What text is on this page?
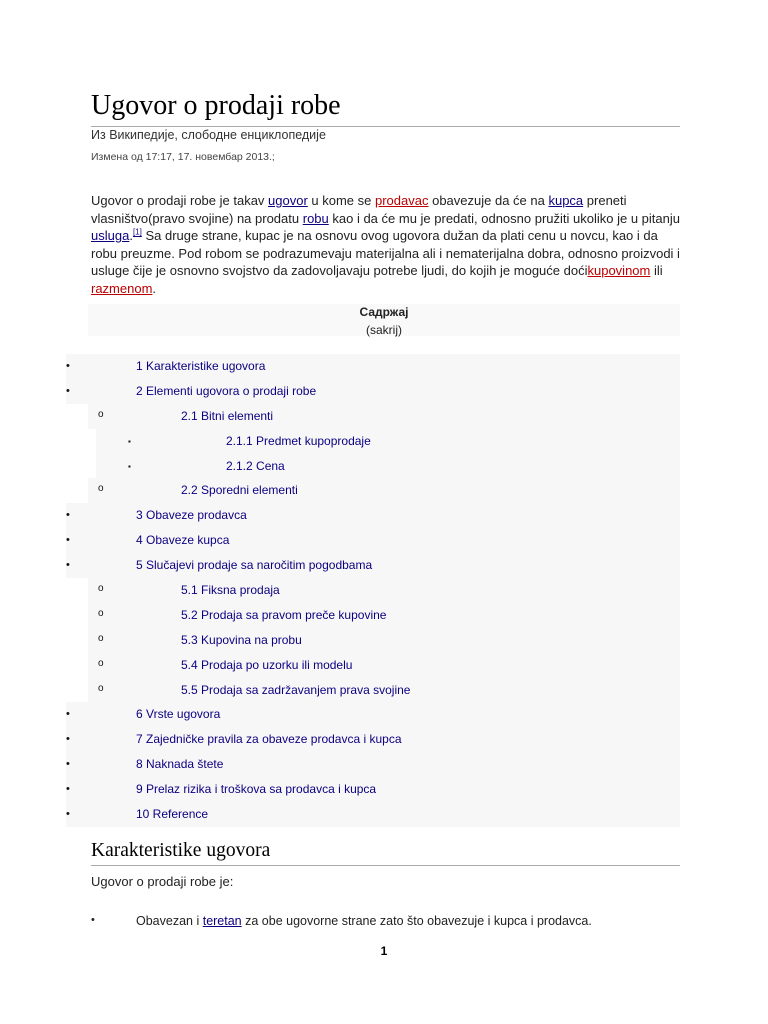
Ugovor o prodaji robe
Из Википедије, слободне енциклопедије
Измена од 17:17, 17. новембар 2013.;

Ugovor o prodaji robe je takav ugovor u kome se prodavac obavezuje da će na kupca preneti vlasništvo(pravo svojine) na prodatu robu kao i da će mu je predati, odnosno pružiti ukoliko je u pitanju usluga.[1] Sa druge strane, kupac je na osnovu ovog ugovora dužan da plati cenu u novcu, kao i da robu preuzme. Pod robom se podrazumevaju materijalna ali i nematerijalna dobra, odnosno proizvodi i usluge čije je osnovno svojstvo da zadovoljavaju potrebe ljudi, do kojih je moguće doćikupovinom ili razmenom.

Садржај
(sakrij)
•	1 Karakteristike ugovora
•	2 Elementi ugovora o prodaji robe
o	2.1 Bitni elementi
▪	2.1.1 Predmet kupoprodaje
▪	2.1.2 Cena
o	2.2 Sporedni elementi
•	3 Obaveze prodavca
•	4 Obaveze kupca
•	5 Slučajevi prodaje sa naročitim pogodbama
o	5.1 Fiksna prodaja
o	5.2 Prodaja sa pravom preče kupovine
o	5.3 Kupovina na probu
o	5.4 Prodaja po uzorku ili modelu
o	5.5 Prodaja sa zadržavanjem prava svojine
•	6 Vrste ugovora
•	7 Zajedničke pravila za obaveze prodavca i kupca
•	8 Naknada štete
•	9 Prelaz rizika i troškova sa prodavca i kupca
•	10 Reference
Karakteristike ugovora
Ugovor o prodaji robe je:
•	Obavezan i teretan za obe ugovorne strane zato što obavezuje i kupca i prodavca.
1
